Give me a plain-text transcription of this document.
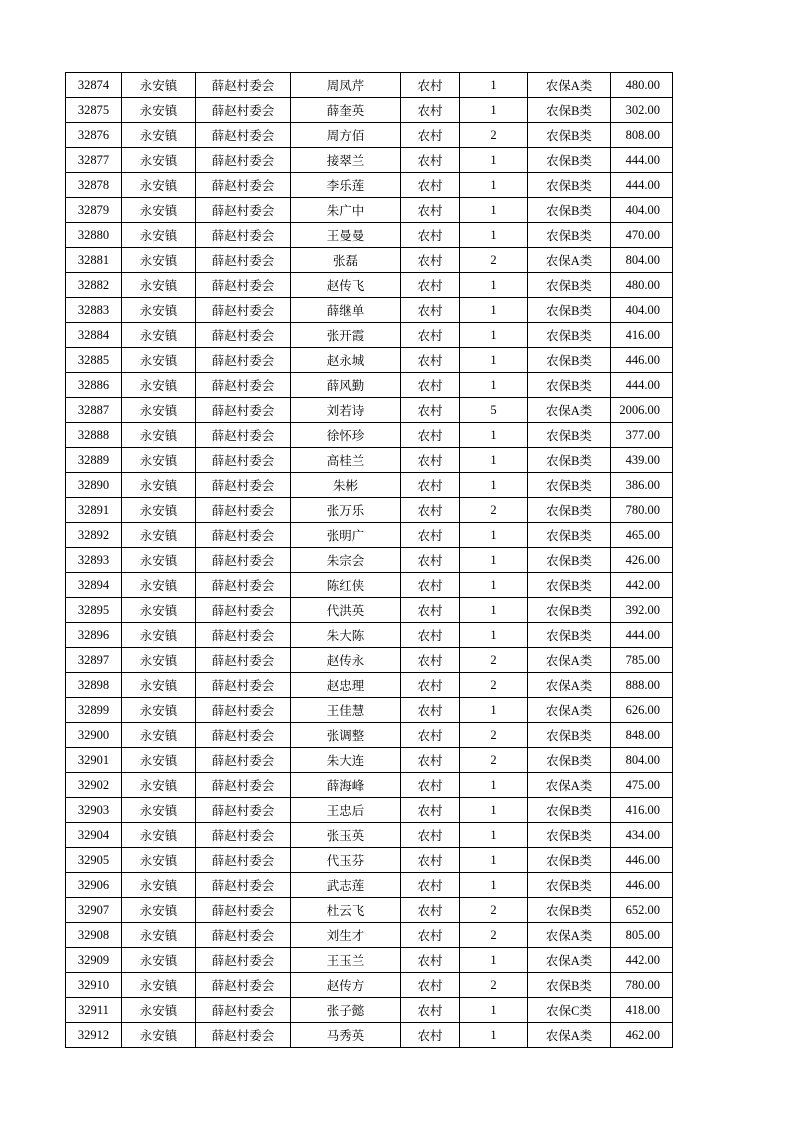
32874	永安镇	薛赵村委会	周凤芹	农村	1	农保A类	480.00
32875	永安镇	薛赵村委会	薛奎英	农村	1	农保B类	302.00
32876	永安镇	薛赵村委会	周方佰	农村	2	农保B类	808.00
32877	永安镇	薛赵村委会	接翠兰	农村	1	农保B类	444.00
32878	永安镇	薛赵村委会	李乐莲	农村	1	农保B类	444.00
32879	永安镇	薛赵村委会	朱广中	农村	1	农保B类	404.00
32880	永安镇	薛赵村委会	王曼曼	农村	1	农保B类	470.00
32881	永安镇	薛赵村委会	张磊	农村	2	农保A类	804.00
32882	永安镇	薛赵村委会	赵传飞	农村	1	农保B类	480.00
32883	永安镇	薛赵村委会	薛继单	农村	1	农保B类	404.00
32884	永安镇	薛赵村委会	张开霞	农村	1	农保B类	416.00
32885	永安镇	薛赵村委会	赵永城	农村	1	农保B类	446.00
32886	永安镇	薛赵村委会	薛风勤	农村	1	农保B类	444.00
32887	永安镇	薛赵村委会	刘若诗	农村	5	农保A类	2006.00
32888	永安镇	薛赵村委会	徐怀珍	农村	1	农保B类	377.00
32889	永安镇	薛赵村委会	高桂兰	农村	1	农保B类	439.00
32890	永安镇	薛赵村委会	朱彬	农村	1	农保B类	386.00
32891	永安镇	薛赵村委会	张万乐	农村	2	农保B类	780.00
32892	永安镇	薛赵村委会	张明广	农村	1	农保B类	465.00
32893	永安镇	薛赵村委会	朱宗会	农村	1	农保B类	426.00
32894	永安镇	薛赵村委会	陈红侠	农村	1	农保B类	442.00
32895	永安镇	薛赵村委会	代洪英	农村	1	农保B类	392.00
32896	永安镇	薛赵村委会	朱大陈	农村	1	农保B类	444.00
32897	永安镇	薛赵村委会	赵传永	农村	2	农保A类	785.00
32898	永安镇	薛赵村委会	赵忠理	农村	2	农保A类	888.00
32899	永安镇	薛赵村委会	王佳慧	农村	1	农保A类	626.00
32900	永安镇	薛赵村委会	张调整	农村	2	农保B类	848.00
32901	永安镇	薛赵村委会	朱大连	农村	2	农保B类	804.00
32902	永安镇	薛赵村委会	薛海峰	农村	1	农保A类	475.00
32903	永安镇	薛赵村委会	王忠后	农村	1	农保B类	416.00
32904	永安镇	薛赵村委会	张玉英	农村	1	农保B类	434.00
32905	永安镇	薛赵村委会	代玉芬	农村	1	农保B类	446.00
32906	永安镇	薛赵村委会	武志莲	农村	1	农保B类	446.00
32907	永安镇	薛赵村委会	杜云飞	农村	2	农保B类	652.00
32908	永安镇	薛赵村委会	刘生才	农村	2	农保A类	805.00
32909	永安镇	薛赵村委会	王玉兰	农村	1	农保A类	442.00
32910	永安镇	薛赵村委会	赵传方	农村	2	农保B类	780.00
32911	永安镇	薛赵村委会	张子懿	农村	1	农保C类	418.00
32912	永安镇	薛赵村委会	马秀英	农村	1	农保A类	462.00
